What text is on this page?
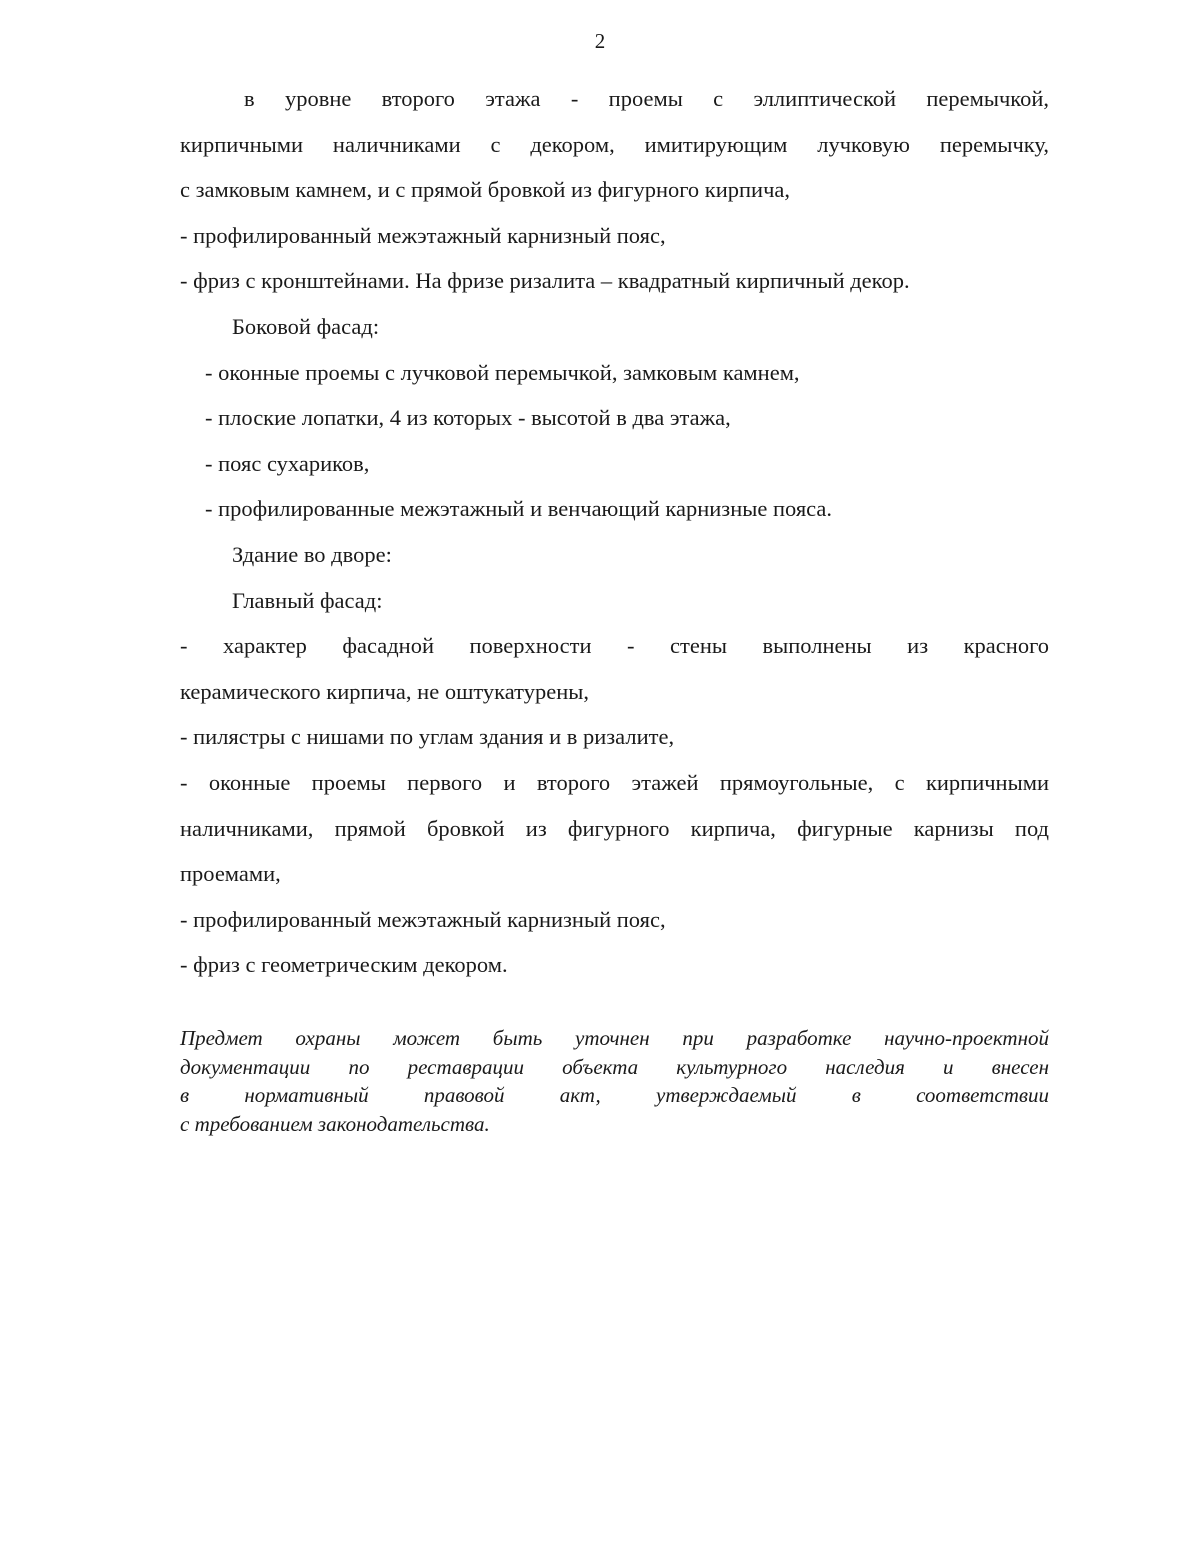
2
в уровне второго этажа - проемы с эллиптической перемычкой,
кирпичными наличниками с декором, имитирующим лучковую перемычку,
с замковым камнем, и с прямой бровкой из фигурного кирпича,
- профилированный межэтажный карнизный пояс,
- фриз с кронштейнами. На фризе ризалита – квадратный кирпичный декор.
Боковой фасад:
- оконные проемы с лучковой перемычкой, замковым камнем,
- плоские лопатки, 4 из которых - высотой в два этажа,
- пояс сухариков,
- профилированные межэтажный и венчающий карнизные пояса.
Здание во дворе:
Главный фасад:
- характер фасадной поверхности - стены выполнены из красного
керамического кирпича, не оштукатурены,
- пилястры с нишами по углам здания и в ризалите,
- оконные проемы первого и второго этажей прямоугольные, с кирпичными
наличниками, прямой бровкой из фигурного кирпича, фигурные карнизы под
проемами,
- профилированный межэтажный карнизный пояс,
- фриз с геометрическим декором.
Предмет охраны может быть уточнен при разработке научно-проектной
документации по реставрации объекта культурного наследия и внесен
в нормативный правовой акт, утверждаемый в соответствии
с требованием законодательства.
